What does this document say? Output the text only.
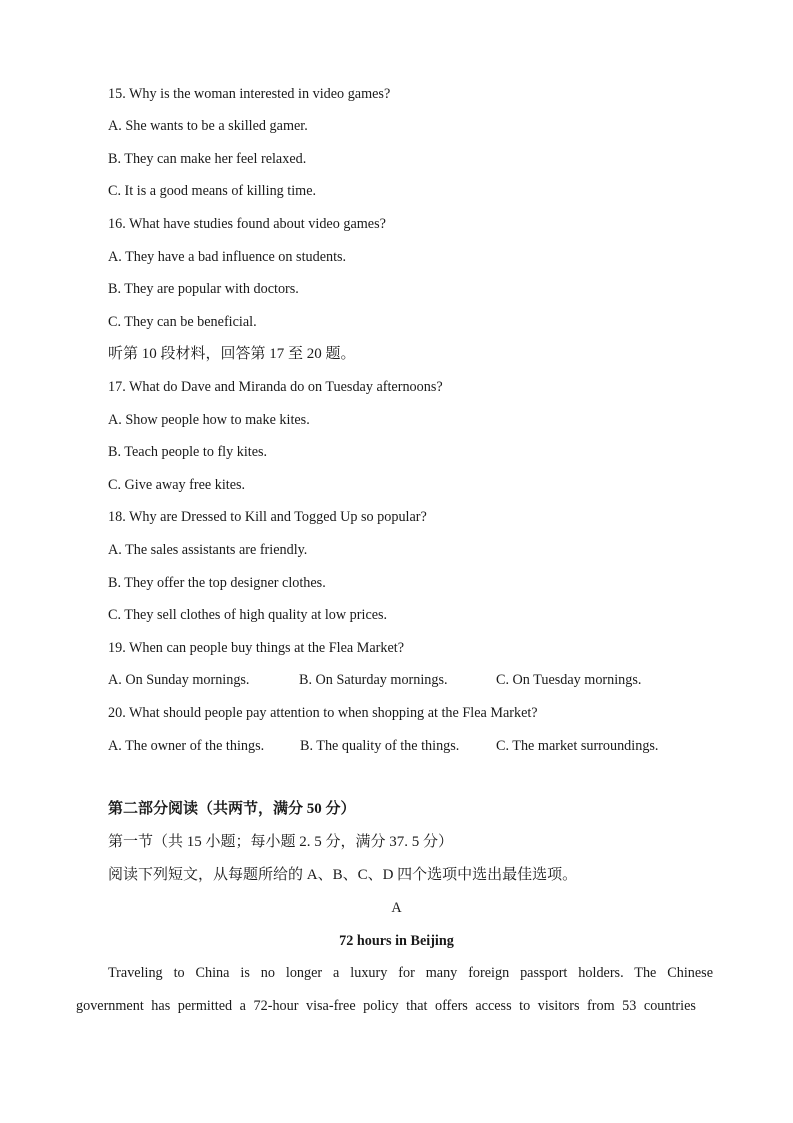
15. Why is the woman interested in video games?
A. She wants to be a skilled gamer.
B. They can make her feel relaxed.
C. It is a good means of killing time.
16. What have studies found about video games?
A. They have a bad influence on students.
B. They are popular with doctors.
C. They can be beneficial.
听第 10 段材料，回答第 17 至 20 题。
17. What do Dave and Miranda do on Tuesday afternoons?
A. Show people how to make kites.
B. Teach people to fly kites.
C. Give away free kites.
18. Why are Dressed to Kill and Togged Up so popular?
A. The sales assistants are friendly.
B. They offer the top designer clothes.
C. They sell clothes of high quality at low prices.
19. When can people buy things at the Flea Market?
A. On Sunday mornings.	B. On Saturday mornings.	C. On Tuesday mornings.
20. What should people pay attention to when shopping at the Flea Market?
A. The owner of the things.	B. The quality of the things.	C. The market surroundings.
第二部分阅读（共两节，满分 50 分）
第一节（共 15 小题；每小题 2. 5 分，满分 37. 5 分）
阅读下列短文，从每题所给的 A、B、C、D 四个选项中选出最佳选项。
A
72 hours in Beijing
Traveling to China is no longer a luxury for many foreign passport holders. The Chinese government has permitted a 72-hour visa-free policy that offers access to visitors from 53 countries
